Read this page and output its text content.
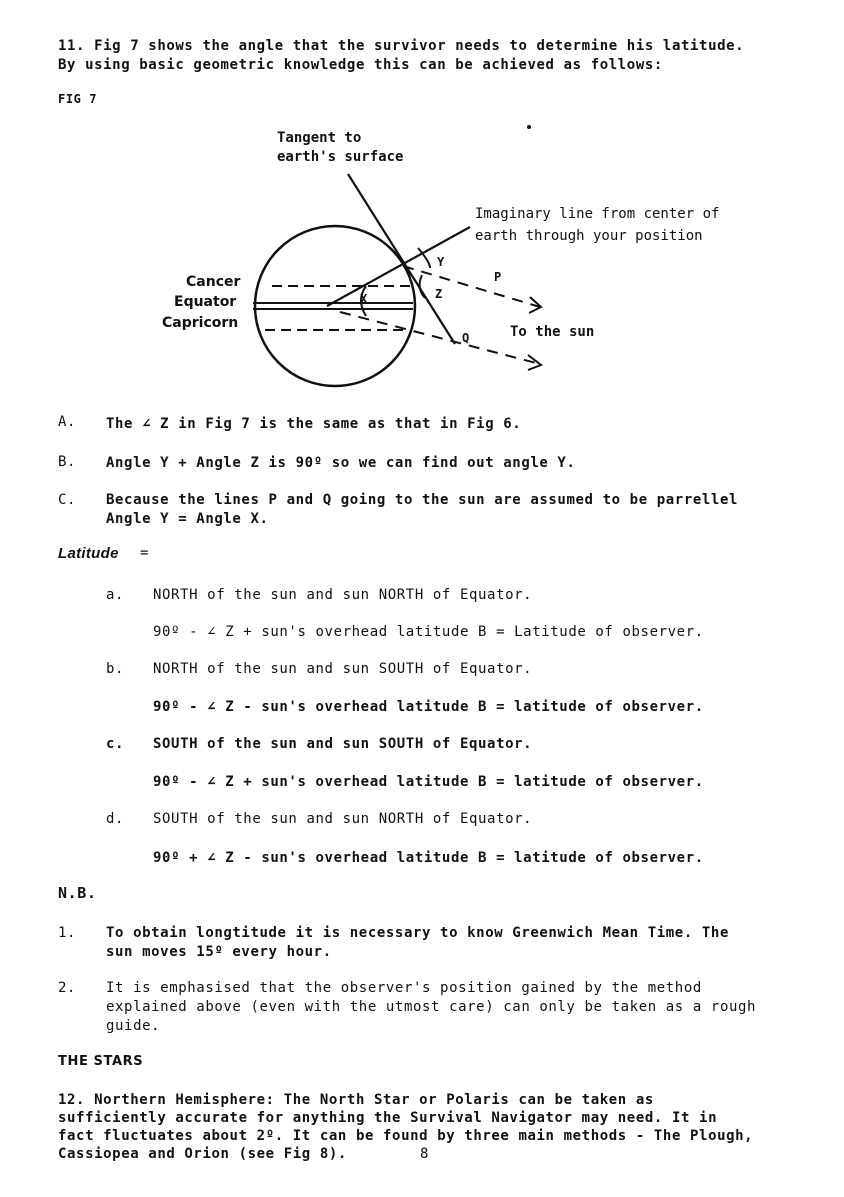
11. Fig 7 shows the angle that the survivor needs to determine his latitude.
By using basic geometric knowledge this can be achieved as follows:
FIG 7
Tangent to
earth's surface
Imaginary line from center of
earth through your position
Cancer
Equator
Capricorn
X
Y
Z
P
Q	To the sun
A. The ∠ Z in Fig 7 is the same as that in Fig 6.
B. Angle Y + Angle Z is 90º so we can find out angle Y.
C. Because the lines P and Q going to the sun are assumed to be parrellel
Angle Y = Angle X.
Latitude =
a. NORTH of the sun and sun NORTH of Equator.
90º - ∠ Z + sun's overhead latitude B = Latitude of observer.
b. NORTH of the sun and sun SOUTH of Equator.
90º - ∠ Z - sun's overhead latitude B = latitude of observer.
c. SOUTH of the sun and sun SOUTH of Equator.
90º - ∠ Z + sun's overhead latitude B = latitude of observer.
d. SOUTH of the sun and sun NORTH of Equator.
90º + ∠ Z - sun's overhead latitude B = latitude of observer.
N.B.
1. To obtain longtitude it is necessary to know Greenwich Mean Time. The
sun moves 15º every hour.
2. It is emphasised that the observer's position gained by the method
explained above (even with the utmost care) can only be taken as a rough
guide.
THE STARS
12. Northern Hemisphere: The North Star or Polaris can be taken as
sufficiently accurate for anything the Survival Navigator may need. It in
fact fluctuates about 2º. It can be found by three main methods - The Plough,
Cassiopea and Orion (see Fig 8).	8
